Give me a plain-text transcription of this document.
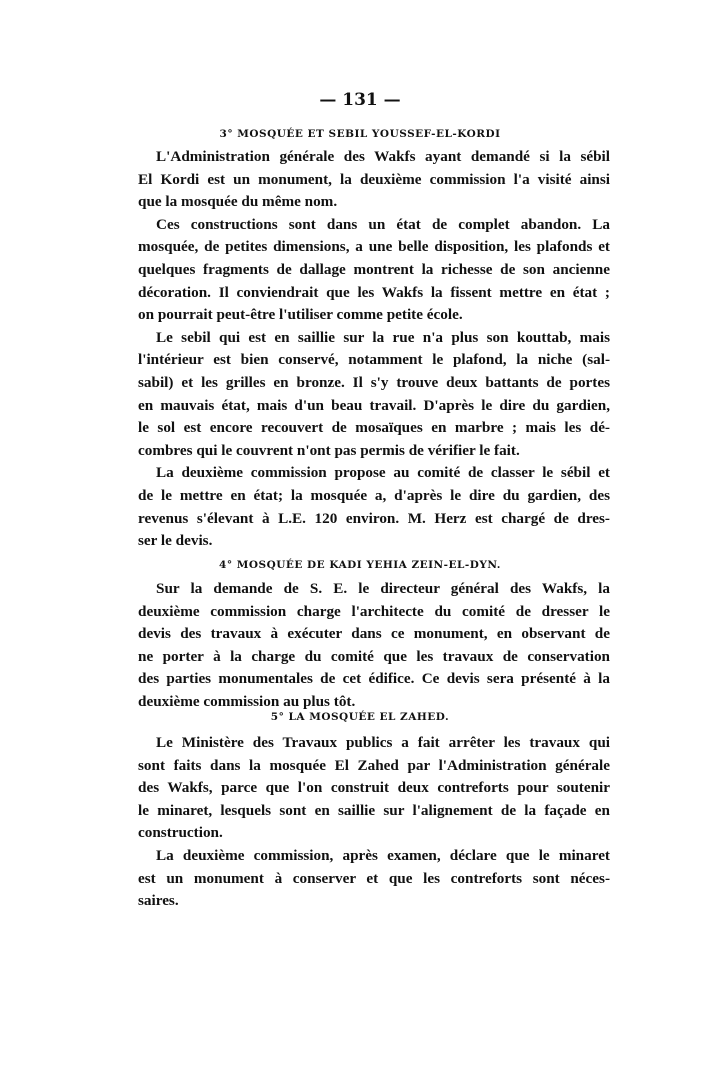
— 131 —
3° MOSQUÉE ET SEBIL YOUSSEF-EL-KORDI
L'Administration générale des Wakfs ayant demandé si la sébil
El Kordi est un monument, la deuxième commission l'a visité ainsi
que la mosquée du même nom.
Ces constructions sont dans un état de complet abandon. La
mosquée, de petites dimensions, a une belle disposition, les plafonds et
quelques fragments de dallage montrent la richesse de son ancienne
décoration. Il conviendrait que les Wakfs la fissent mettre en état ;
on pourrait peut-être l'utiliser comme petite école.
Le sebil qui est en saillie sur la rue n'a plus son kouttab, mais
l'intérieur est bien conservé, notamment le plafond, la niche (sal-
sabil) et les grilles en bronze. Il s'y trouve deux battants de portes
en mauvais état, mais d'un beau travail. D'après le dire du gardien,
le sol est encore recouvert de mosaïques en marbre ; mais les dé-
combres qui le couvrent n'ont pas permis de vérifier le fait.
La deuxième commission propose au comité de classer le sébil et
de le mettre en état; la mosquée a, d'après le dire du gardien, des
revenus s'élevant à L.E. 120 environ. M. Herz est chargé de dres-
ser le devis.
4° MOSQUÉE DE KADI YEHIA ZEIN-EL-DYN.
Sur la demande de S. E. le directeur général des Wakfs, la
deuxième commission charge l'architecte du comité de dresser le
devis des travaux à exécuter dans ce monument, en observant de
ne porter à la charge du comité que les travaux de conservation
des parties monumentales de cet édifice. Ce devis sera présenté à la
deuxième commission au plus tôt.
5° LA MOSQUÉE EL ZAHED.
Le Ministère des Travaux publics a fait arrêter les travaux qui
sont faits dans la mosquée El Zahed par l'Administration générale
des Wakfs, parce que l'on construit deux contreforts pour soutenir
le minaret, lesquels sont en saillie sur l'alignement de la façade en
construction.
La deuxième commission, après examen, déclare que le minaret
est un monument à conserver et que les contreforts sont néces-
saires.
